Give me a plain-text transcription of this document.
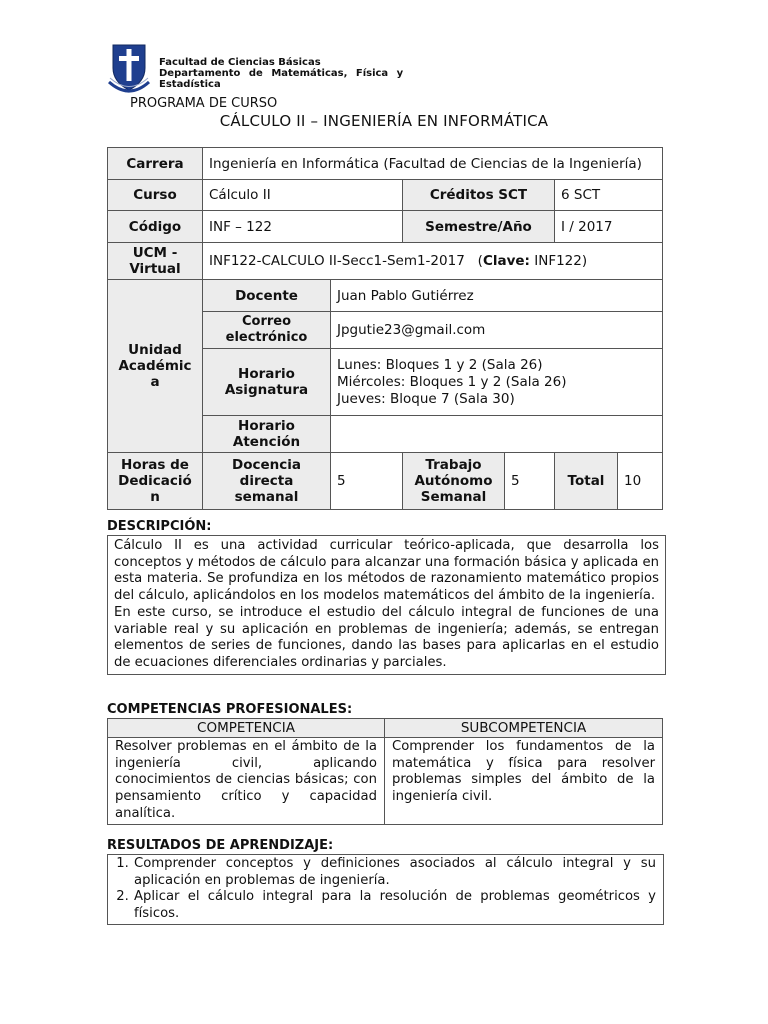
Facultad de Ciencias Básicas
Departamento de Matemáticas, Física y
Estadística
PROGRAMA DE CURSO
CÁLCULO II – INGENIERÍA EN INFORMÁTICA
Carrera	Ingeniería en Informática (Facultad de Ciencias de la Ingeniería)					
Curso	Cálculo II		Créditos SCT		6 SCT	
Código	INF – 122		Semestre/Año		I / 2017	
UCM - Virtual	INF122-CALCULO II-Secc1-Sem1-2017 (Clave: INF122)					
Unidad Académic a	Docente	Juan Pablo Gutiérrez				
	Correo electrónico	Jpgutie23@gmail.com				
	Horario Asignatura	Lunes: Bloques 1 y 2 (Sala 26)
Miércoles: Bloques 1 y 2 (Sala 26)
Jueves: Bloque 7 (Sala 30)				

	Horario Atención					
Horas de Dedicació n	Docencia directa semanal	5	Trabajo Autónomo Semanal	5	Total	10
DESCRIPCIÓN:

Cálculo II es una actividad curricular teórico-aplicada, que desarrolla los conceptos y métodos de cálculo para alcanzar una formación básica y aplicada en esta materia. Se profundiza en los métodos de razonamiento matemático propios del cálculo, aplicándolos en los modelos matemáticos del ámbito de la ingeniería.

En este curso, se introduce el estudio del cálculo integral de funciones de una variable real y su aplicación en problemas de ingeniería; además, se entregan elementos de series de funciones, dando las bases para aplicarlas en el estudio de ecuaciones diferenciales ordinarias y parciales.

COMPETENCIAS PROFESIONALES:
COMPETENCIA	SUBCOMPETENCIA
Resolver problemas en el ámbito de la ingeniería civil, aplicando conocimientos de ciencias básicas; con pensamiento crítico y capacidad analítica.	Comprender los fundamentos de la matemática y física para resolver problemas simples del ámbito de la ingeniería civil.
RESULTADOS DE APRENDIZAJE:
1. Comprender conceptos y definiciones asociados al cálculo integral y su aplicación en problemas de ingeniería.
2. Aplicar el cálculo integral para la resolución de problemas geométricos y físicos.
